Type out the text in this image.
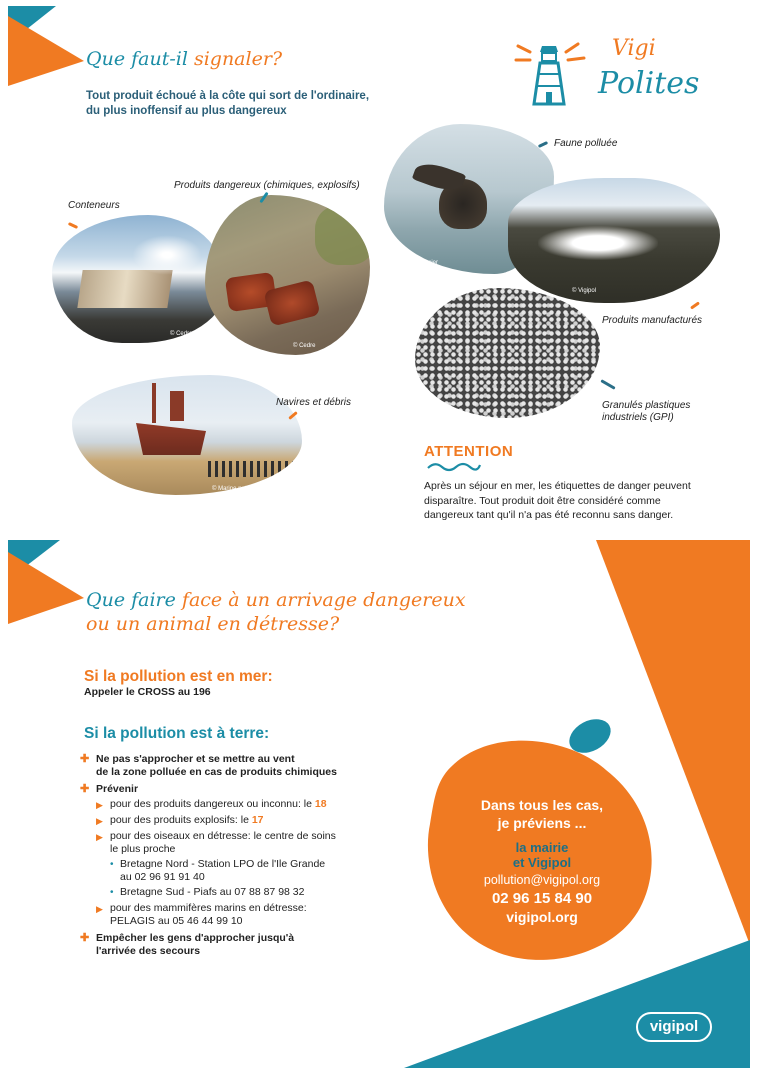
Que faut-il signaler?
Tout produit échoué à la côte qui sort de l'ordinaire,
du plus inoffensif au plus dangereux
Vigi
Polites
© Cedre
© Cedre
© Marine nationale
© Marc Tessier
© Vigipol
Conteneurs
Produits dangereux (chimiques, explosifs)
Navires et débris
Faune polluée
Produits manufacturés
Granulés plastiques
industriels (GPI)
ATTENTION
Après un séjour en mer, les étiquettes de danger peuvent
disparaître. Tout produit doit être considéré comme
dangereux tant qu'il n'a pas été reconnu sans danger.
Que faire face à un arrivage dangereux
ou un animal en détresse?
Si la pollution est en mer:
Appeler le CROSS au 196
Si la pollution est à terre:
✚ Ne pas s'approcher et se mettre au vent
de la zone polluée en cas de produits chimiques
✚ Prévenir
▶ pour des produits dangereux ou inconnu: le 18
▶ pour des produits explosifs: le 17
▶ pour des oiseaux en détresse: le centre de soins
le plus proche
• Bretagne Nord - Station LPO de l'Ile Grande
au 02 96 91 91 40
• Bretagne Sud - Piafs au 07 88 87 98 32
▶ pour des mammifères marins en détresse:
PELAGIS au 05 46 44 99 10
✚ Empêcher les gens d'approcher jusqu'à
l'arrivée des secours
Dans tous les cas,
je préviens ...
la mairie
et Vigipol
pollution@vigipol.org
02 96 15 84 90
vigipol.org
vigipol
